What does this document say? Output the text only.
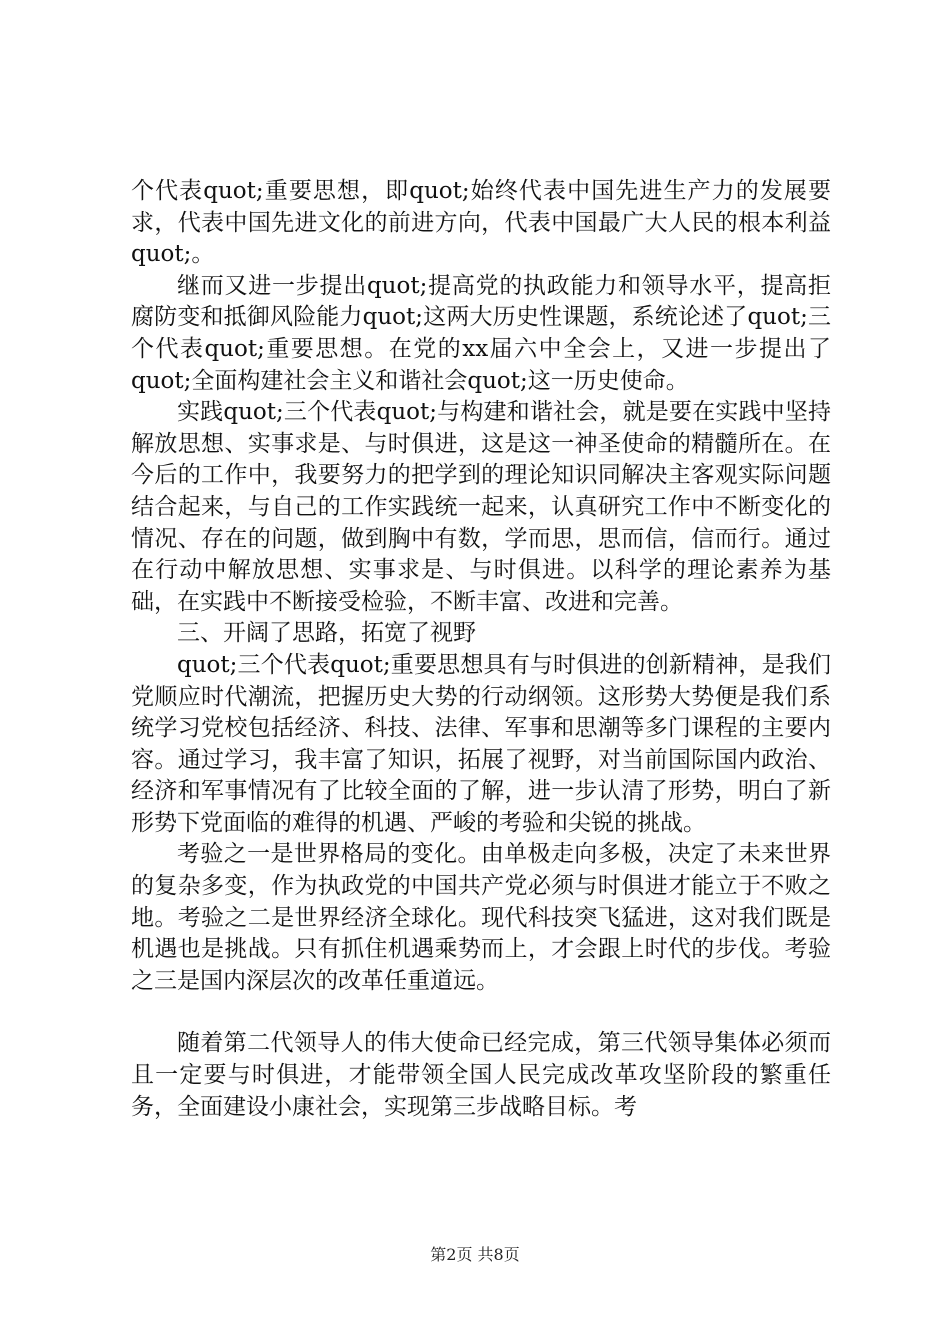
个代表quot;重要思想，即quot;始终代表中国先进生产力的发展要求，代表中国先进文化的前进方向，代表中国最广大人民的根本利益quot;。

继而又进一步提出quot;提高党的执政能力和领导水平，提高拒腐防变和抵御风险能力quot;这两大历史性课题，系统论述了quot;三个代表quot;重要思想。在党的xx届六中全会上，又进一步提出了quot;全面构建社会主义和谐社会quot;这一历史使命。

实践quot;三个代表quot;与构建和谐社会，就是要在实践中坚持解放思想、实事求是、与时俱进，这是这一神圣使命的精髓所在。在今后的工作中，我要努力的把学到的理论知识同解决主客观实际问题结合起来，与自己的工作实践统一起来，认真研究工作中不断变化的情况、存在的问题，做到胸中有数，学而思，思而信，信而行。通过在行动中解放思想、实事求是、与时俱进。以科学的理论素养为基础，在实践中不断接受检验，不断丰富、改进和完善。

三、开阔了思路，拓宽了视野

quot;三个代表quot;重要思想具有与时俱进的创新精神，是我们党顺应时代潮流，把握历史大势的行动纲领。这形势大势便是我们系统学习党校包括经济、科技、法律、军事和思潮等多门课程的主要内容。通过学习，我丰富了知识，拓展了视野，对当前国际国内政治、经济和军事情况有了比较全面的了解，进一步认清了形势，明白了新形势下党面临的难得的机遇、严峻的考验和尖锐的挑战。

考验之一是世界格局的变化。由单极走向多极，决定了未来世界的复杂多变，作为执政党的中国共产党必须与时俱进才能立于不败之地。考验之二是世界经济全球化。现代科技突飞猛进，这对我们既是机遇也是挑战。只有抓住机遇乘势而上，才会跟上时代的步伐。考验之三是国内深层次的改革任重道远。

随着第二代领导人的伟大使命已经完成，第三代领导集体必须而且一定要与时俱进，才能带领全国人民完成改革攻坚阶段的繁重任务，全面建设小康社会，实现第三步战略目标。考

第2页 共8页
